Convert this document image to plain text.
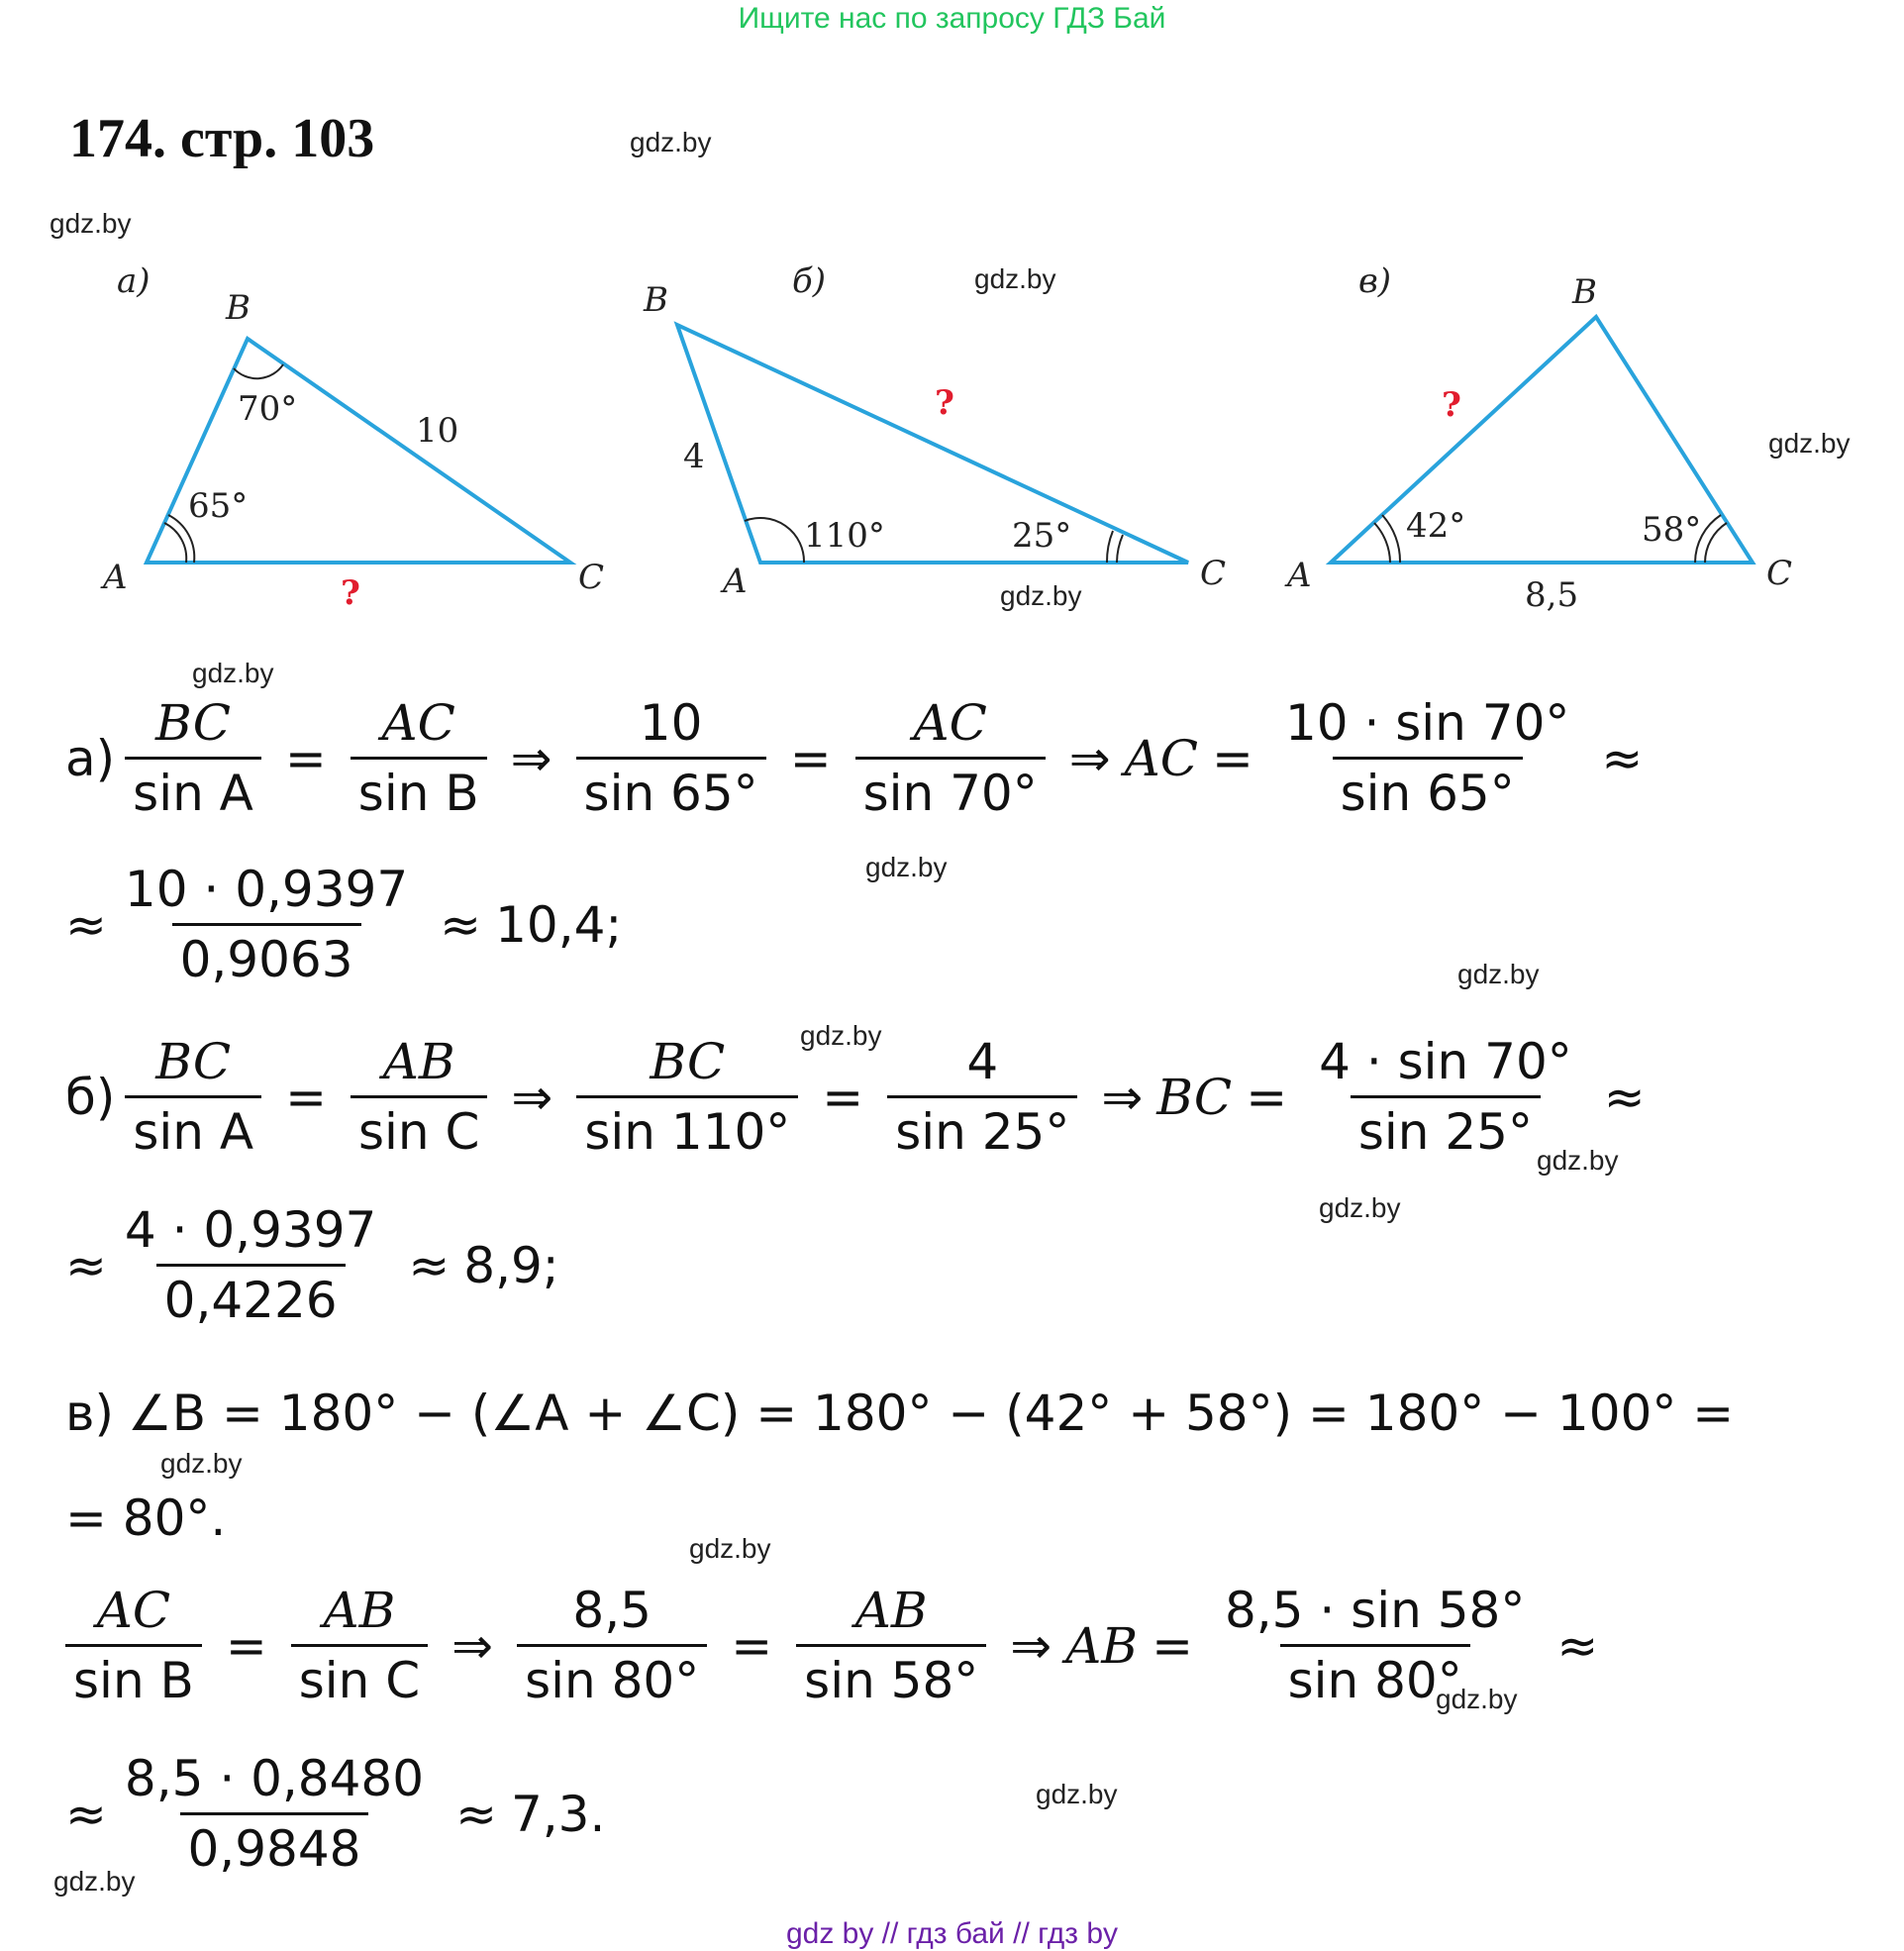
Ищите нас по запросу ГДЗ Бай
174. стр. 103	gdz.by
gdz.by
gdz.by
gdz.by
gdz.by
gdz.by
gdz.by
gdz.by
gdz.by
gdz.by
gdz.by
gdz.by
gdz.by
gdz.by
gdz.by
gdz.by
а)
A
B
C
70°
65°
10
?
б)
A
B
C
110°	25°
4
?
в)
A
B
C
42°	58°
8,5
?
$а) \frac{BC}{\text{sin A}} = \frac{AC}{\text{sin B}}$ ⇒ $\frac{10}{\sin 65^\circ} = \frac{AC}{\sin 70^\circ}$ ⇒ AC = $\frac{10 \cdot \sin 70^\circ}{\sin 65^\circ}$ ≈
≈ $\frac{10 \cdot 0,9397}{0,9063} \approx 10,4$;
$б) \frac{BC}{\text{sin A}} = \frac{AB}{\text{sin C}}$ ⇒ $\frac{BC}{\sin 110^\circ} = \frac{4}{\sin 25^\circ}$ ⇒ BC = $\frac{4 \cdot \sin 70^\circ}{\sin 25^\circ}$ ≈
≈ $\frac{4 \cdot 0,9397}{0,4226} \approx 8,9$;
в) ∠B = 180° − (∠A + ∠C) = 180° − (42° + 58°) = 180° − 100° =
= 80°.
$\frac{AC}{\text{sin B}} = \frac{AB}{\text{sin C}}$ ⇒ $\frac{8,5}{\sin 80^\circ} = \frac{AB}{\sin 58^\circ}$ ⇒ AB = $\frac{8,5 \cdot \sin 58^\circ}{\sin 80^\circ}$ ≈
≈ $\frac{8,5 \cdot 0,8480}{0,9848} \approx 7,3$.
gdz by // гдз бай // гдз by
